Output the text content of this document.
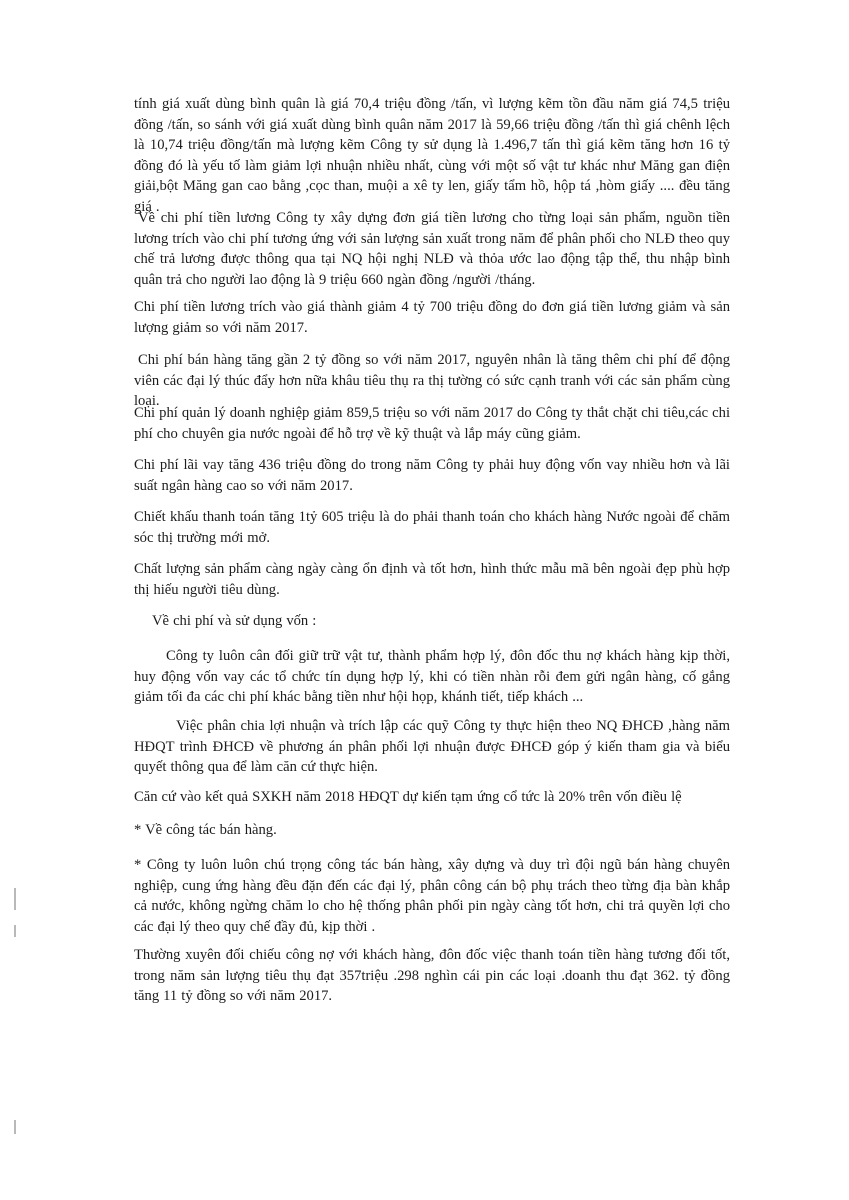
tính giá xuất dùng bình quân là giá 70,4 triệu đồng /tấn, vì lượng kẽm tồn đầu năm giá 74,5 triệu đồng /tấn, so sánh với giá xuất dùng bình quân năm 2017 là 59,66 triệu đồng /tấn thì giá chênh lệch là 10,74 triệu đồng/tấn mà lượng kẽm Công ty sử dụng là 1.496,7 tấn thì giá kẽm tăng hơn 16 tỷ đồng đó là yếu tố làm giảm lợi nhuận nhiều nhất, cùng với một số vật tư khác như Măng gan điện giải,bột Măng gan cao bằng ,cọc than, muội a xê ty len, giấy tẩm hồ, hộp tá ,hòm giấy .... đều tăng giá .

Về chi phí tiền lương Công ty xây dựng đơn giá tiền lương cho từng loại sản phẩm, nguồn tiền lương trích vào chi phí tương ứng với sản lượng sản xuất trong năm để phân phối cho NLĐ theo quy chế trả lương được thông qua tại NQ hội nghị NLĐ và thỏa ước lao động tập thể, thu nhập bình quân trả cho người lao động là 9 triệu 660 ngàn đồng /người /tháng.

Chi phí tiền lương trích vào giá thành giảm 4 tỷ 700 triệu đồng do đơn giá tiền lương giảm và sản lượng giảm so với năm 2017.

Chi phí bán hàng tăng gần 2 tỷ đồng so với năm 2017, nguyên nhân là tăng thêm chi phí để động viên các đại lý thúc đẩy hơn nữa khâu tiêu thụ ra thị tường có sức cạnh tranh với các sản phẩm cùng loại.

Chi phí quản lý doanh nghiệp giảm 859,5 triệu so với năm 2017 do Công ty thắt chặt chi tiêu,các chi phí cho chuyên gia nước ngoài để hỗ trợ về kỹ thuật và lắp máy cũng giảm.

Chi phí lãi vay tăng 436 triệu đồng do trong năm Công ty phải huy động vốn vay nhiều hơn và lãi suất ngân hàng cao so với năm 2017.

Chiết khấu thanh toán tăng 1tỷ 605 triệu là do phải thanh toán cho khách hàng Nước ngoài để chăm sóc thị trường mới mở.

Chất lượng sản phẩm càng ngày càng ổn định và tốt hơn, hình thức mẫu mã bên ngoài đẹp phù hợp thị hiếu người tiêu dùng.

Về chi phí và sử dụng vốn :

Công ty luôn cân đối giữ trữ vật tư, thành phẩm hợp lý, đôn đốc thu nợ khách hàng kịp thời, huy động vốn vay các tổ chức tín dụng hợp lý, khi có tiền nhàn rỗi đem gửi ngân hàng, cố gắng giảm tối đa các chi phí khác bằng tiền như hội họp, khánh tiết, tiếp khách ...

Việc phân chia lợi nhuận và trích lập các quỹ Công ty thực hiện theo NQ ĐHCĐ ,hàng năm HĐQT trình ĐHCĐ về phương án phân phối lợi nhuận được ĐHCĐ góp ý kiến tham gia và biểu quyết thông qua để làm căn cứ thực hiện.

Căn cứ vào kết quả SXKH năm 2018 HĐQT dự kiến tạm ứng cổ tức là 20% trên vốn điều lệ

* Về công tác bán hàng.

* Công ty luôn luôn chú trọng công tác bán hàng, xây dựng và duy trì đội ngũ bán hàng chuyên nghiệp, cung ứng hàng đều đặn đến các đại lý, phân công cán bộ phụ trách theo từng địa bàn khắp cả nước, không ngừng chăm lo cho hệ thống phân phối pin ngày càng tốt hơn, chi trả quyền lợi cho các đại lý theo quy chế đầy đủ, kịp thời .

Thường xuyên đối chiếu công nợ với khách hàng, đôn đốc việc thanh toán tiền hàng tương đối tốt, trong năm sản lượng tiêu thụ đạt 357triệu .298 nghìn cái pin các loại .doanh thu đạt 362. tỷ đồng tăng 11 tỷ đồng so với năm 2017.
